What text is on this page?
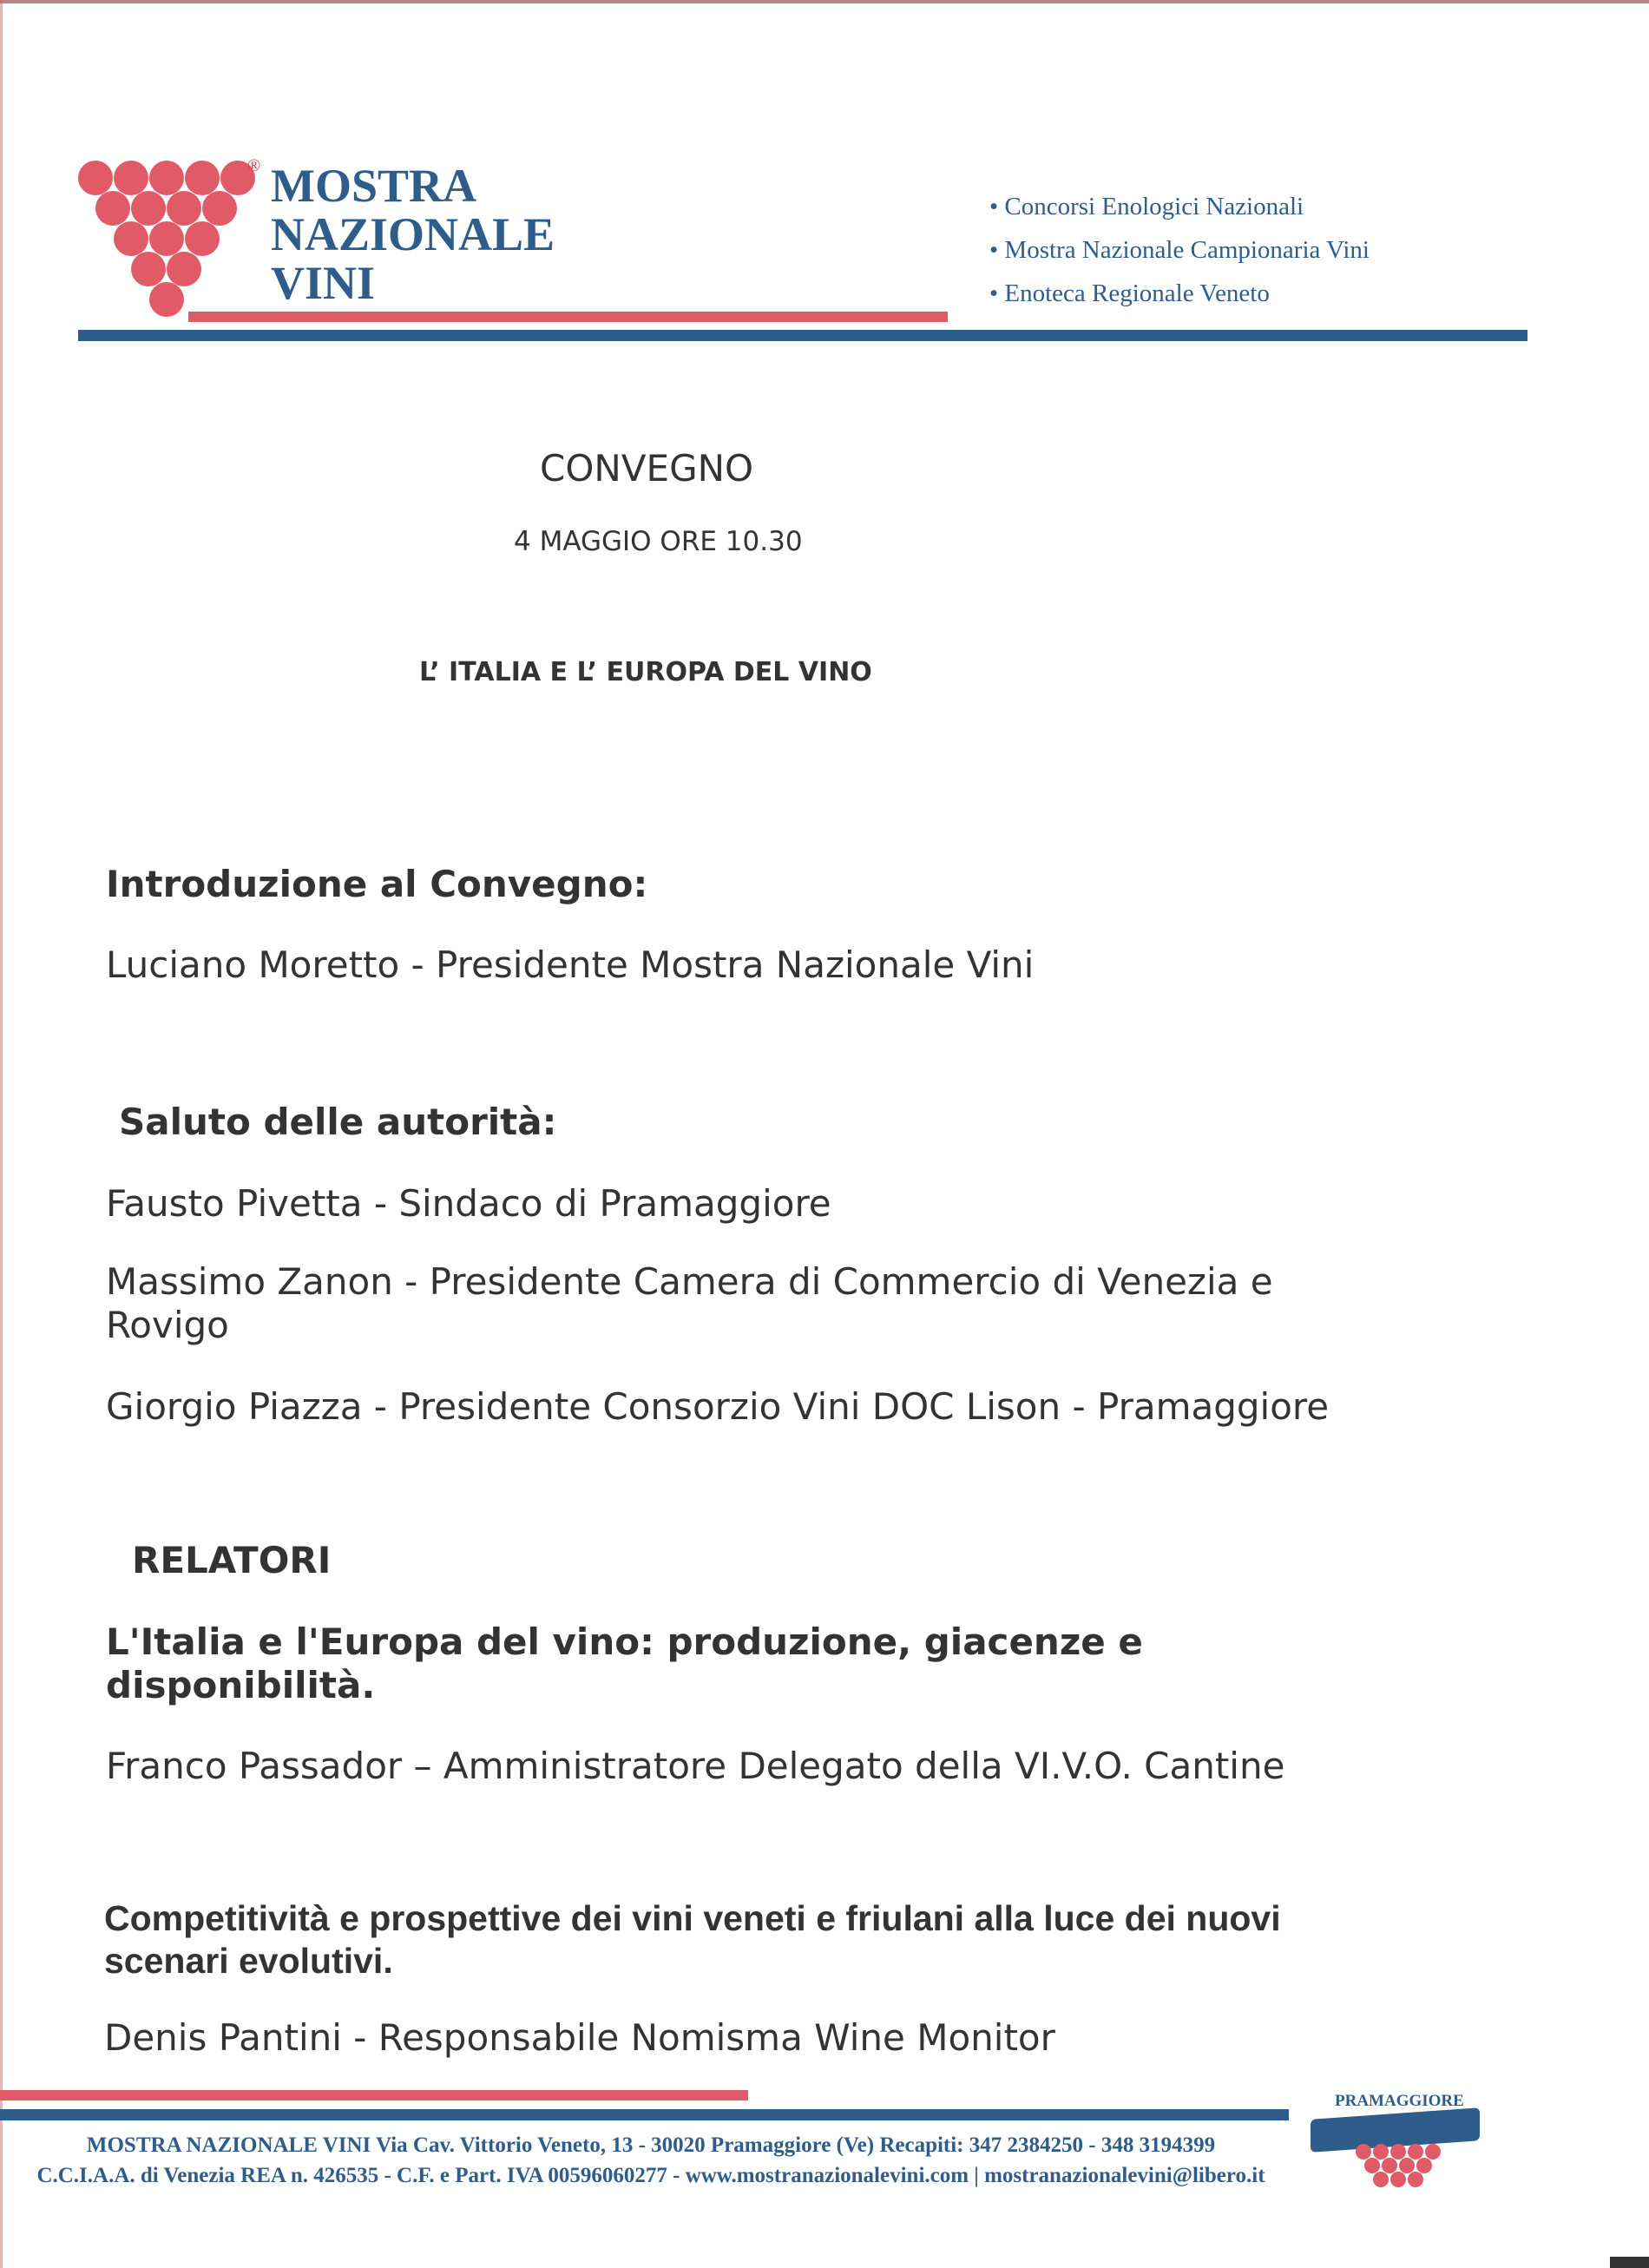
® MOSTRA
NAZIONALE
VINI
• Concorsi Enologici Nazionali
• Mostra Nazionale Campionaria Vini
• Enoteca Regionale Veneto
CONVEGNO
4 MAGGIO ORE 10.30
L’ ITALIA E L’ EUROPA DEL VINO
Introduzione al Convegno:
Luciano Moretto - Presidente Mostra Nazionale Vini
Saluto delle autorità:
Fausto Pivetta - Sindaco di Pramaggiore
Massimo Zanon - Presidente Camera di Commercio di Venezia e
Rovigo
Giorgio Piazza - Presidente Consorzio Vini DOC Lison - Pramaggiore
RELATORI
L'Italia e l'Europa del vino: produzione, giacenze e
disponibilità.
Franco Passador – Amministratore Delegato della VI.V.O. Cantine
Competitività e prospettive dei vini veneti e friulani alla luce dei nuovi
scenari evolutivi.
Denis Pantini - Responsabile Nomisma Wine Monitor
MOSTRA NAZIONALE VINI Via Cav. Vittorio Veneto, 13 - 30020 Pramaggiore (Ve) Recapiti: 347 2384250 - 348 3194399
C.C.I.A.A. di Venezia REA n. 426535 - C.F. e Part. IVA 00596060277 - www.mostranazionalevini.com | mostranazionalevini@libero.it
PRAMAGGIORE
